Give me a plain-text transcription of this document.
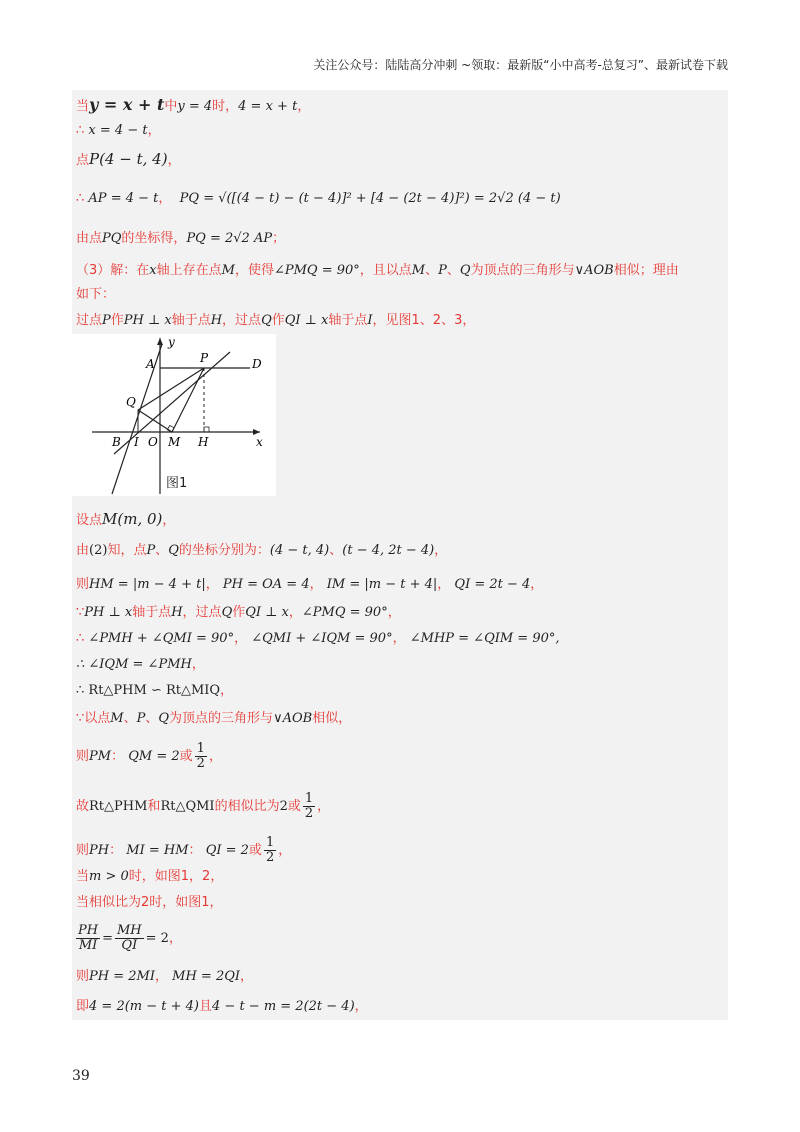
关注公众号：陆陆高分冲刺 ~领取：最新版“小中高考-总复习”、最新试卷下载
当y = x + t中y = 4时，4 = x + t，
∴ x = 4 − t，
点P(4 − t, 4)，
∴ AP = 4 − t， PQ = √([(4 − t) − (t − 4)]² + [4 − (2t − 4)]²) = 2√2 (4 − t)
由点PQ的坐标得，PQ = 2√2 AP；
（3）解：在x轴上存在点M，使得∠PMQ = 90°，且以点M、P、Q为顶点的三角形与∨AOB相似；理由
如下：
过点P作PH ⊥ x轴于点H，过点Q作QI ⊥ x轴于点I，见图1、2、3，
y
x
A	P	D
Q
B I O M H
图1
设点M(m, 0)，
由(2)知，点P、Q的坐标分别为：(4 − t, 4)、(t − 4, 2t − 4)，
则HM = |m − 4 + t|， PH = OA = 4， IM = |m − t + 4|， QI = 2t − 4，
∵PH ⊥ x轴于点H，过点Q作QI ⊥ x，∠PMQ = 90°，
∴ ∠PMH + ∠QMI = 90°， ∠QMI + ∠IQM = 90°， ∠MHP = ∠QIM = 90°,
∴ ∠IQM = ∠PMH，
∴ Rt△PHM ∽ Rt△MIQ，
∵以点M、P、Q为顶点的三角形与∨AOB相似，
则PM： QM = 2或 $\frac{1}{2}$ ，
故Rt△PHM和Rt△QMI的相似比为2或 $\frac{1}{2}$ ，
则PH： MI = HM： QI = 2或 $\frac{1}{2}$ ，
当m > 0时，如图1，2，
当相似比为2时，如图1，
$\frac{PH}{MI} = \frac{MH}{QI} = 2$，
则PH = 2MI， MH = 2QI，
即4 = 2(m − t + 4)且4 − t − m = 2(2t − 4)，
39
